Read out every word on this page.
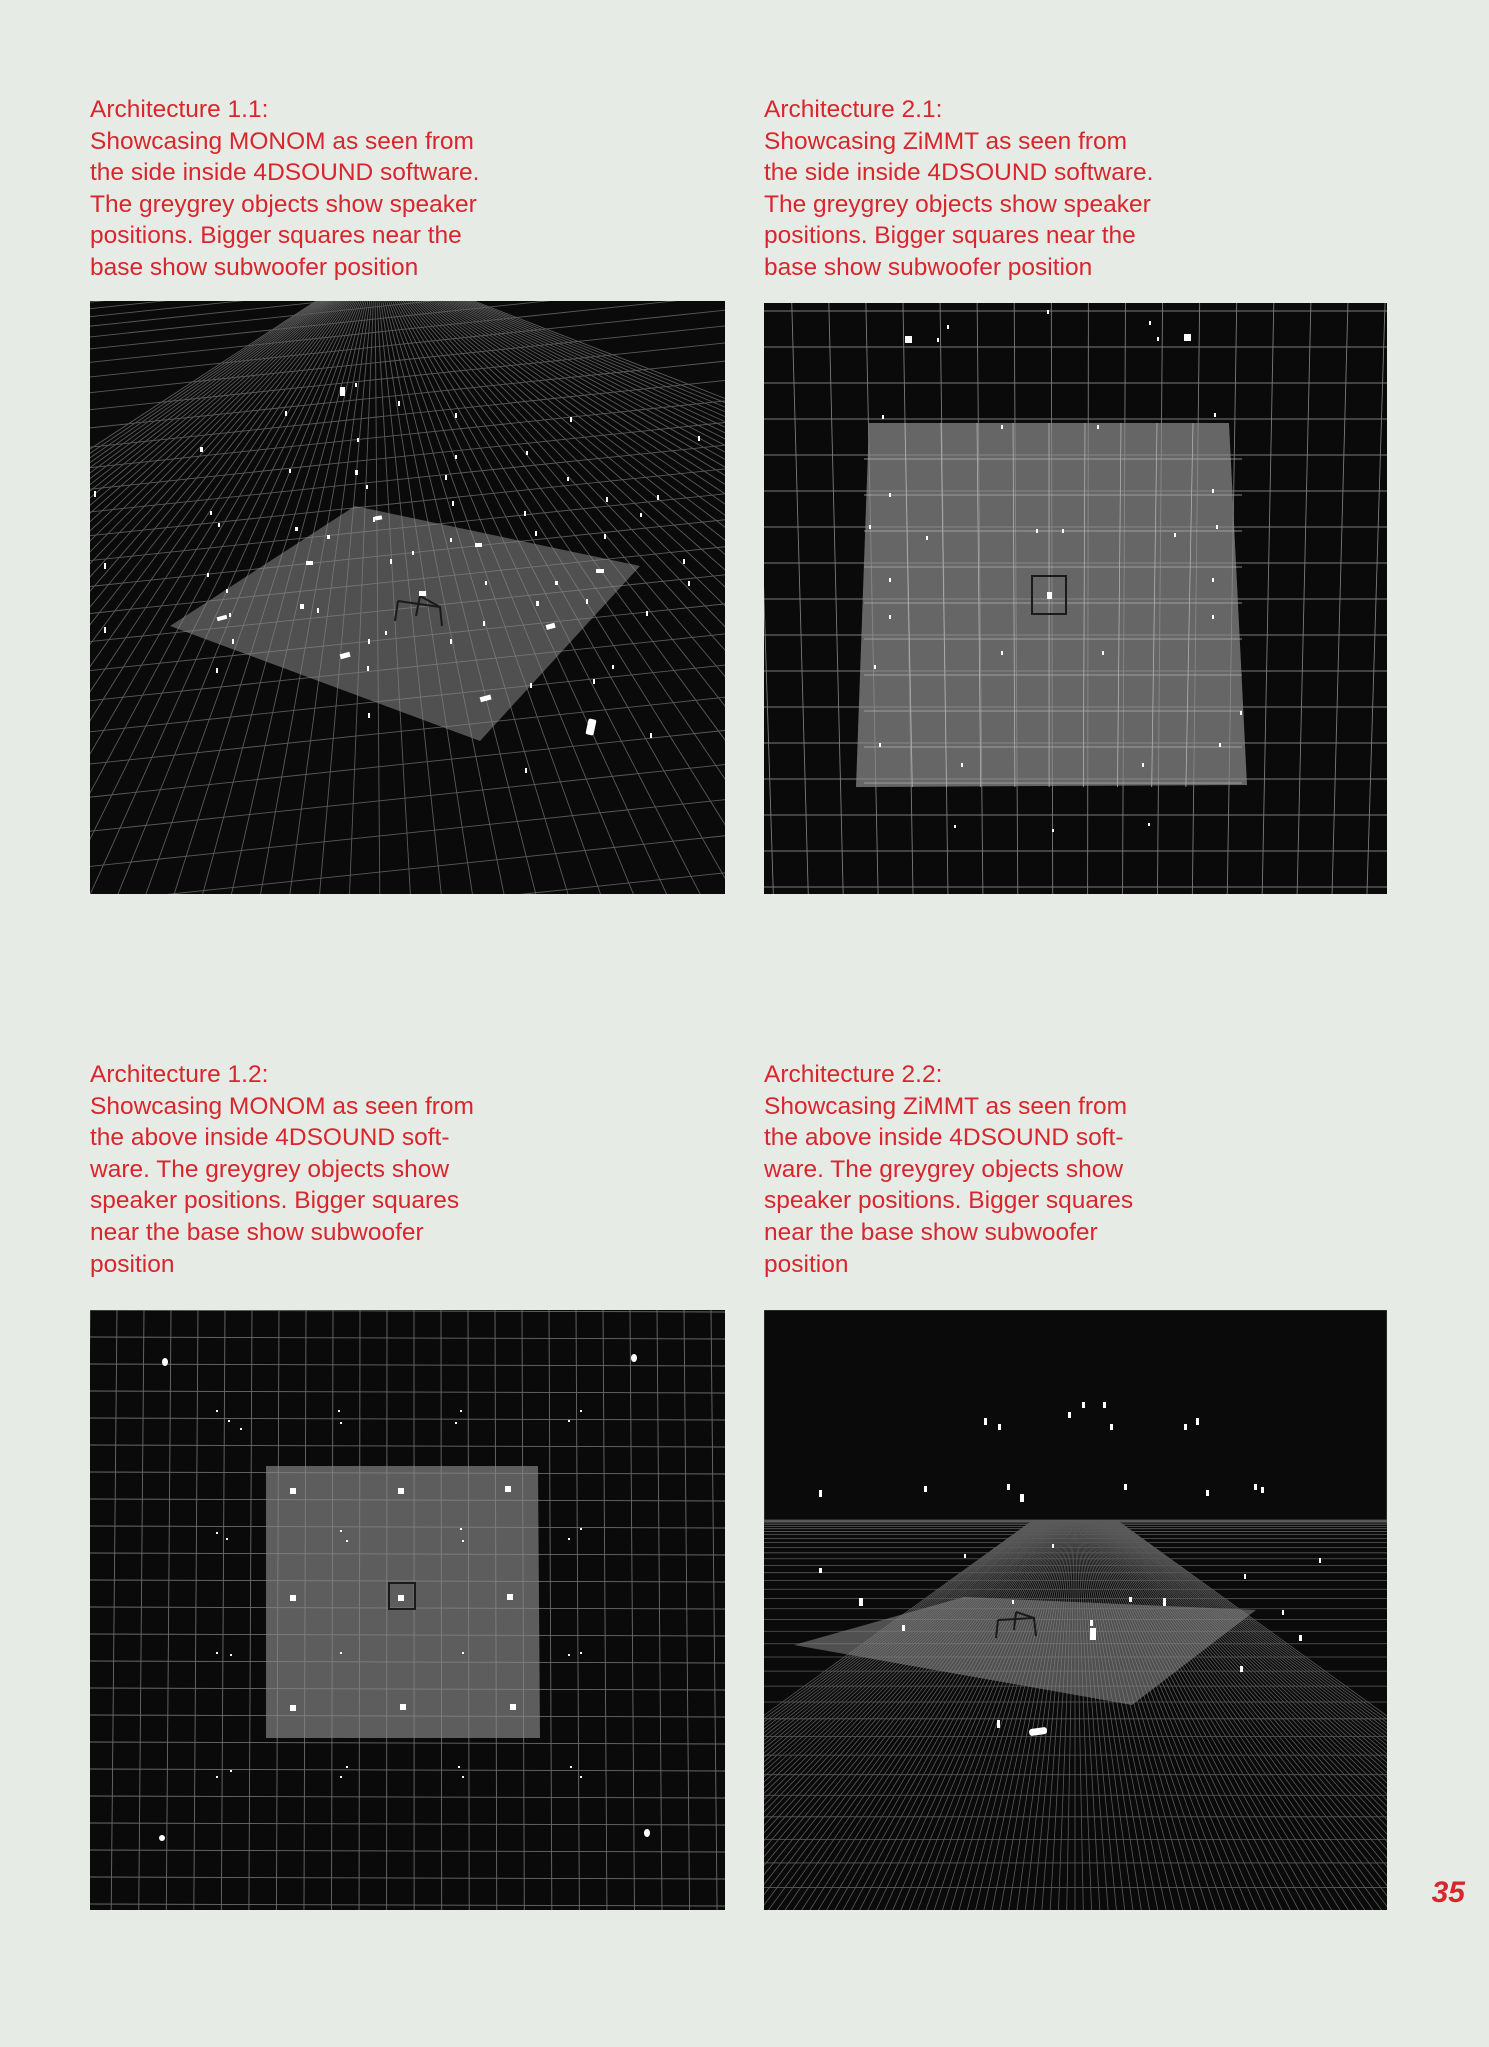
Architecture 1.1:
Showcasing MONOM as seen from
the side inside 4DSOUND software.
The greygrey objects show speaker
positions. Bigger squares near the
base show subwoofer position
Architecture 2.1:
Showcasing ZiMMT as seen from
the side inside 4DSOUND software.
The greygrey objects show speaker
positions. Bigger squares near the
base show subwoofer position
Architecture 1.2:
Showcasing MONOM as seen from
the above inside 4DSOUND soft-
ware. The greygrey objects show
speaker positions. Bigger squares
near the base show subwoofer
position
Architecture 2.2:
Showcasing ZiMMT as seen from
the above inside 4DSOUND soft-
ware. The greygrey objects show
speaker positions. Bigger squares
near the base show subwoofer
position
35
